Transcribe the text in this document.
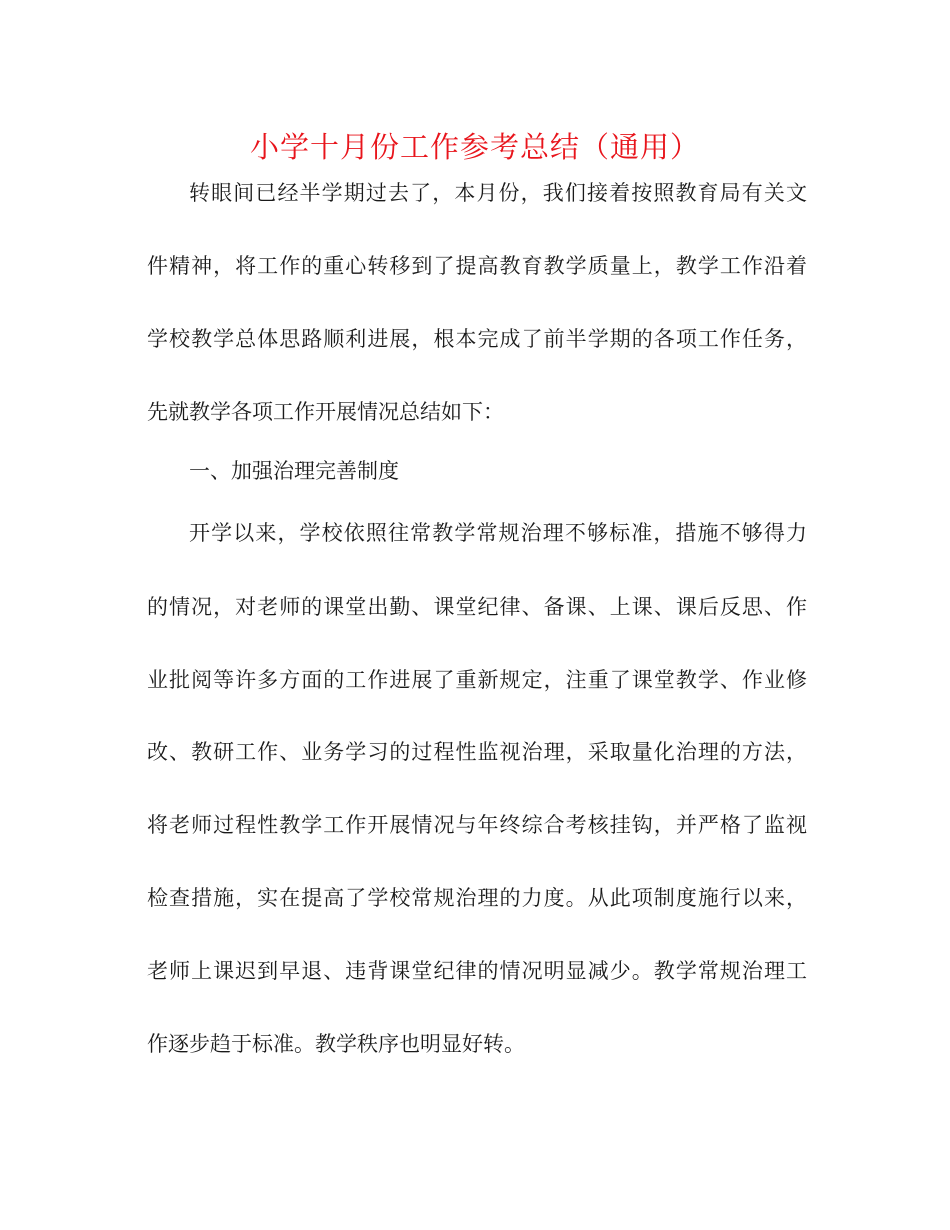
小学十月份工作参考总结（通用）

转眼间已经半学期过去了，本月份，我们接着按照教育局有关文

件精神，将工作的重心转移到了提高教育教学质量上，教学工作沿着

学校教学总体思路顺利进展，根本完成了前半学期的各项工作任务，

先就教学各项工作开展情况总结如下：

一、加强治理完善制度

开学以来，学校依照往常教学常规治理不够标准，措施不够得力

的情况，对老师的课堂出勤、课堂纪律、备课、上课、课后反思、作

业批阅等许多方面的工作进展了重新规定，注重了课堂教学、作业修

改、教研工作、业务学习的过程性监视治理，采取量化治理的方法，

将老师过程性教学工作开展情况与年终综合考核挂钩，并严格了监视

检查措施，实在提高了学校常规治理的力度。从此项制度施行以来，

老师上课迟到早退、违背课堂纪律的情况明显减少。教学常规治理工

作逐步趋于标准。教学秩序也明显好转。
